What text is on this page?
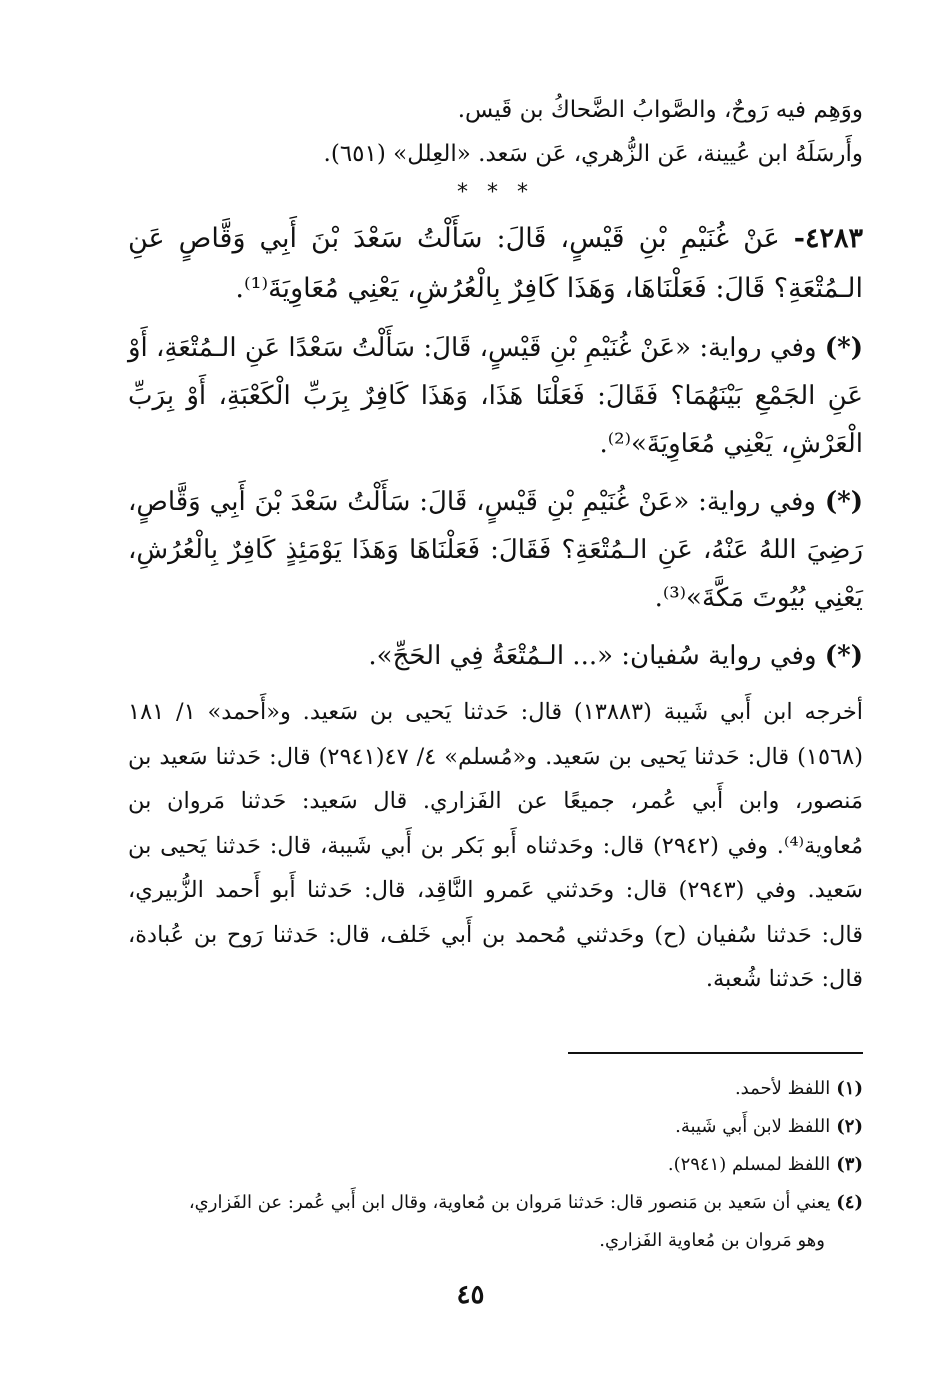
ووَهِم فيه رَوحٌ، والصَّوابُ الضَّحاكُ بن قَيس.

وأَرسَلَهُ ابن عُيينة، عَن الزُّهري، عَن سَعد. «العِلل» (٦٥١).

* * *

٤٢٨٣- عَنْ غُنَيْمِ بْنِ قَيْسٍ، قَالَ: سَأَلْتُ سَعْدَ بْنَ أَبِي وَقَّاصٍ عَنِ الـمُتْعَةِ؟ قَالَ: فَعَلْنَاهَا، وَهَذَا كَافِرٌ بِالْعُرُشِ، يَعْنِي مُعَاوِيَةَ⁽¹⁾.

(*) وفي رواية: «عَنْ غُنَيْمِ بْنِ قَيْسٍ، قَالَ: سَأَلْتُ سَعْدًا عَنِ الـمُتْعَةِ، أَوْ عَنِ الجَمْعِ بَيْنَهُمَا؟ فَقَالَ: فَعَلْنَا هَذَا، وَهَذَا كَافِرٌ بِرَبِّ الْكَعْبَةِ، أَوْ بِرَبِّ الْعَرْشِ، يَعْنِي مُعَاوِيَةَ»⁽²⁾.

(*) وفي رواية: «عَنْ غُنَيْمِ بْنِ قَيْسٍ، قَالَ: سَأَلْتُ سَعْدَ بْنَ أَبِي وَقَّاصٍ، رَضِيَ اللهُ عَنْهُ، عَنِ الـمُتْعَةِ؟ فَقَالَ: فَعَلْنَاهَا وَهَذَا يَوْمَئِذٍ كَافِرٌ بِالْعُرُشِ، يَعْنِي بُيُوتَ مَكَّةَ»⁽³⁾.

(*) وفي رواية سُفيان: «... الـمُتْعَةُ فِي الحَجِّ».

أخرجه ابن أَبي شَيبة (١٣٨٨٣) قال: حَدثنا يَحيى بن سَعيد. و«أَحمد» ١/ ١٨١ (١٥٦٨) قال: حَدثنا يَحيى بن سَعيد. و«مُسلم» ٤/ ٤٧(٢٩٤١) قال: حَدثنا سَعيد بن مَنصور، وابن أَبي عُمر، جميعًا عن الفَزاري. قال سَعيد: حَدثنا مَروان بن مُعاوية⁽⁴⁾. وفي (٢٩٤٢) قال: وحَدثناه أَبو بَكر بن أَبي شَيبة، قال: حَدثنا يَحيى بن سَعيد. وفي (٢٩٤٣) قال: وحَدثني عَمرو النَّاقِد، قال: حَدثنا أَبو أَحمد الزُّبيري، قال: حَدثنا سُفيان (ح) وحَدثني مُحمد بن أَبي خَلف، قال: حَدثنا رَوح بن عُبادة، قال: حَدثنا شُعبة.

(١)اللفظ لأحمد.

(٢)اللفظ لابن أَبي شَيبة.

(٣)اللفظ لمسلم (٢٩٤١).

(٤)يعني أن سَعيد بن مَنصور قال: حَدثنا مَروان بن مُعاوية، وقال ابن أَبي عُمر: عن الفَزاري،

وهو مَروان بن مُعاوية الفَزاري.

٤٥
